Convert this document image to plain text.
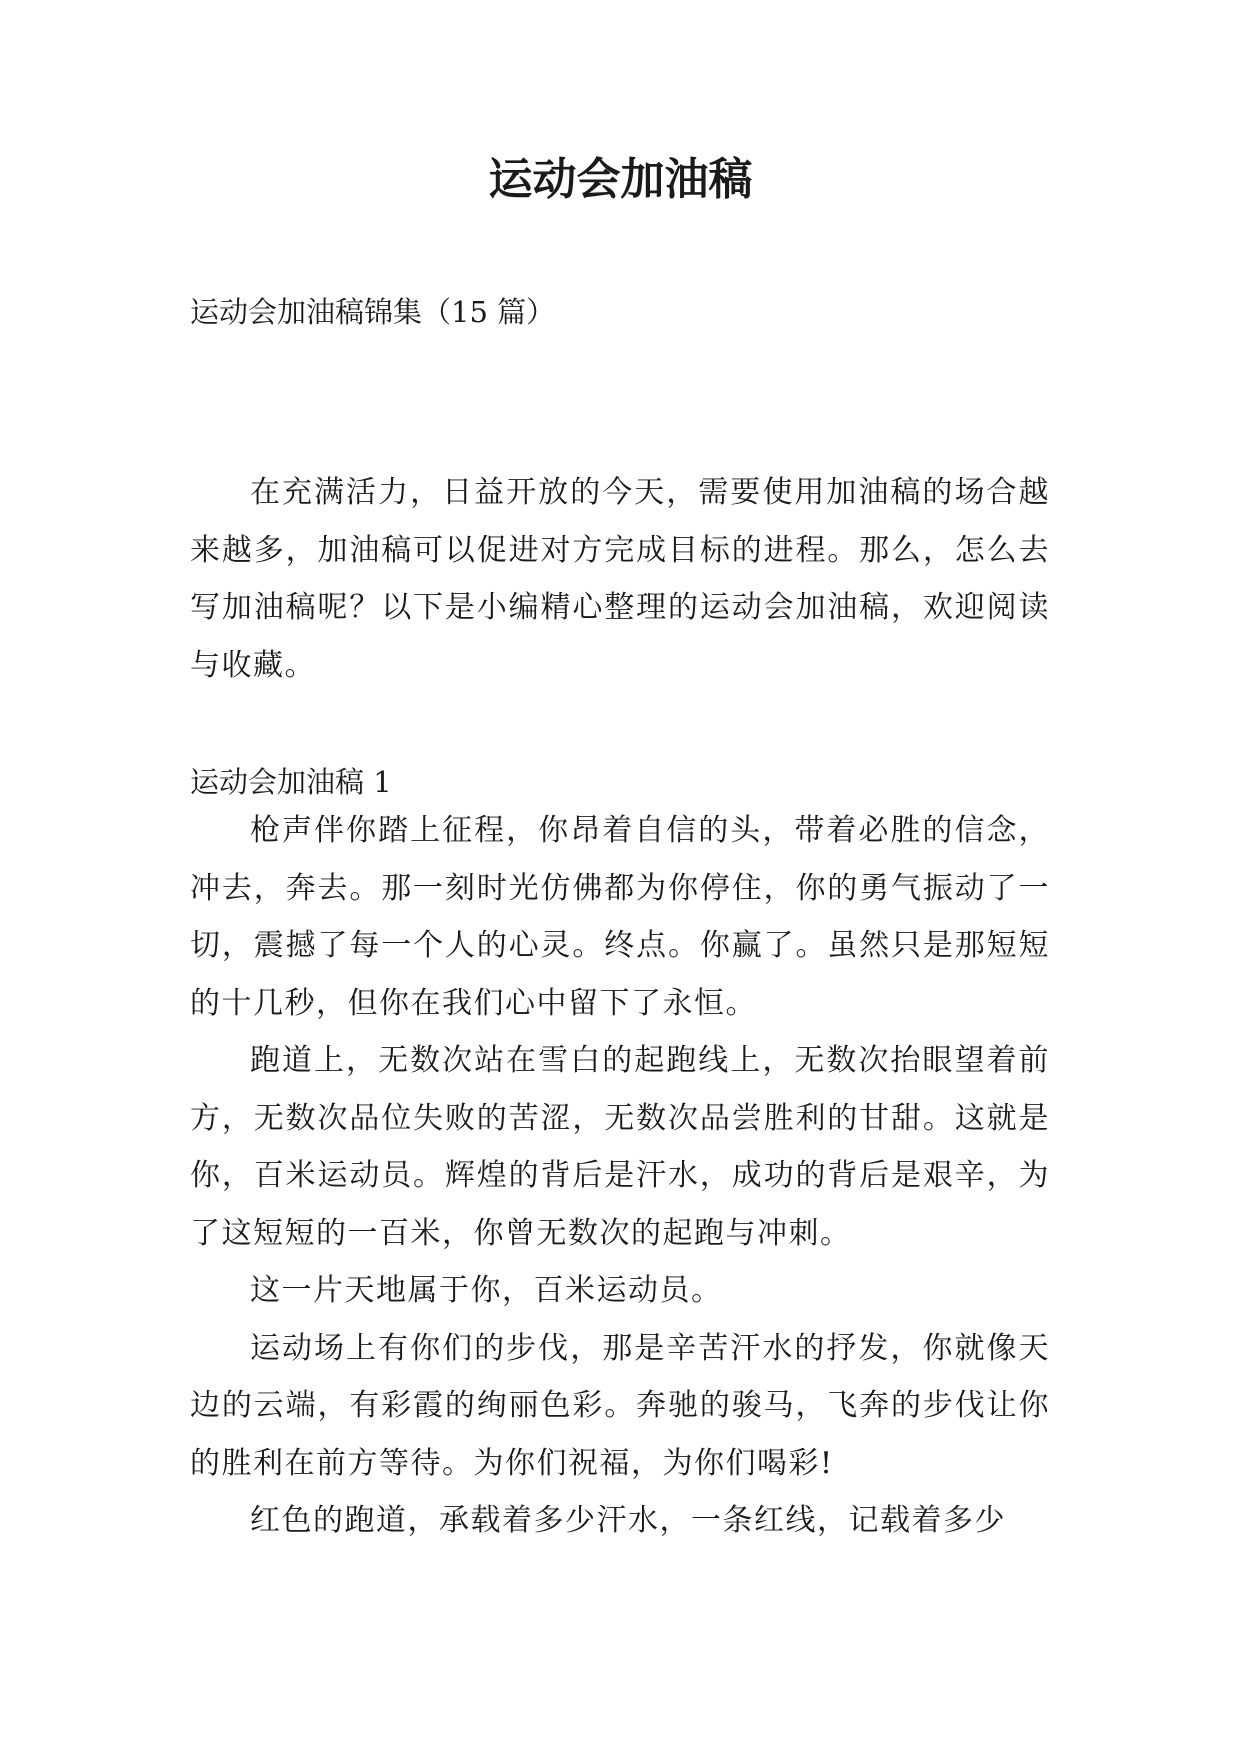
运动会加油稿
运动会加油稿锦集（15 篇）

在充满活力，日益开放的今天，需要使用加油稿的场合越来越多，加油稿可以促进对方完成目标的进程。那么，怎么去写加油稿呢？以下是小编精心整理的运动会加油稿，欢迎阅读与收藏。

运动会加油稿 1

枪声伴你踏上征程，你昂着自信的头，带着必胜的信念，冲去，奔去。那一刻时光仿佛都为你停住，你的勇气振动了一切，震撼了每一个人的心灵。终点。你赢了。虽然只是那短短的十几秒，但你在我们心中留下了永恒。

跑道上，无数次站在雪白的起跑线上，无数次抬眼望着前方，无数次品位失败的苦涩，无数次品尝胜利的甘甜。这就是你，百米运动员。辉煌的背后是汗水，成功的背后是艰辛，为了这短短的一百米，你曾无数次的起跑与冲刺。

这一片天地属于你，百米运动员。

运动场上有你们的步伐，那是辛苦汗水的抒发，你就像天边的云端，有彩霞的绚丽色彩。奔驰的骏马，飞奔的步伐让你的胜利在前方等待。为你们祝福，为你们喝彩!

红色的跑道，承载着多少汗水，一条红线，记载着多少
